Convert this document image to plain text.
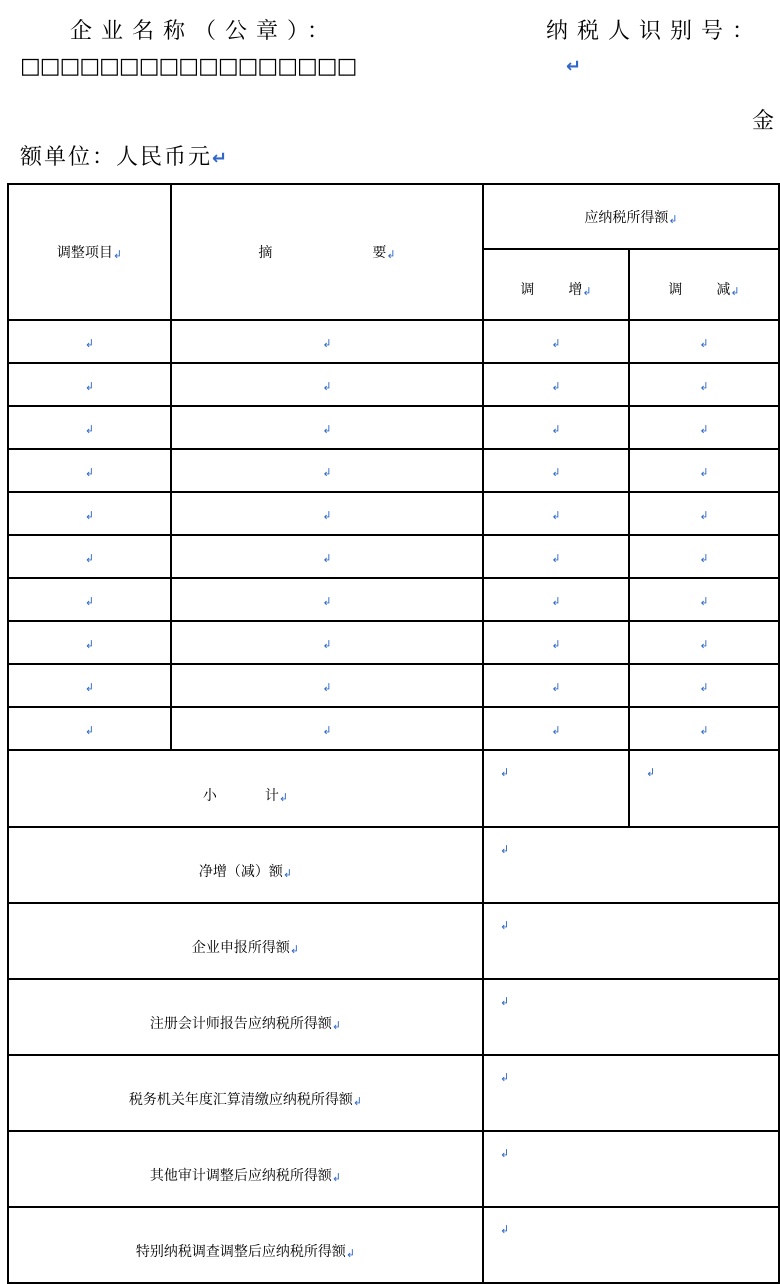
企业名称（公章）：	纳税人识别号：
□□□□□□□□□□□□□□□□□	↵
金
额单位：人民币元↵
调整项目↲	摘 要↲	应纳税所得额↲	
		调 增↲	调 减↲
↲	↲	↲	↲
↲	↲	↲	↲
↲	↲	↲	↲
↲	↲	↲	↲
↲	↲	↲	↲
↲	↲	↲	↲
↲	↲	↲	↲
↲	↲	↲	↲
↲	↲	↲	↲
↲	↲	↲	↲
小 计↲		↲	↲
净增（减）额↲		↲	
企业申报所得额↲		↲	
注册会计师报告应纳税所得额↲		↲	
税务机关年度汇算清缴应纳税所得额↲		↲	
其他审计调整后应纳税所得额↲		↲	
特别纳税调查调整后应纳税所得额↲		↲	
